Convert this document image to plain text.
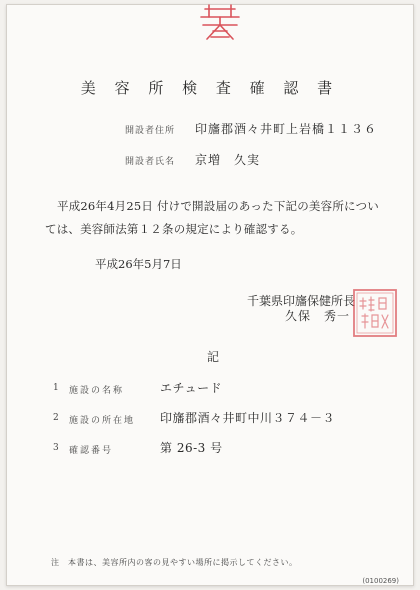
美 容 所 検 査 確 認 書
開設者住所 印旛郡酒々井町上岩橋１１３６
開設者氏名 京増　久実
平成26年4月25日 付けで開設届のあった下記の美容所については、美容師法第１２条の規定により確認する。
平成26年5月7日
千葉県印旛保健所長
久保　秀一
記
1 施設の名称	エチュード
2 施設の所在地	印旛郡酒々井町中川３７４－３
3 確認番号	第 26-3 号
注　本書は、美容所内の客の見やすい場所に掲示してください。
(0100269)
